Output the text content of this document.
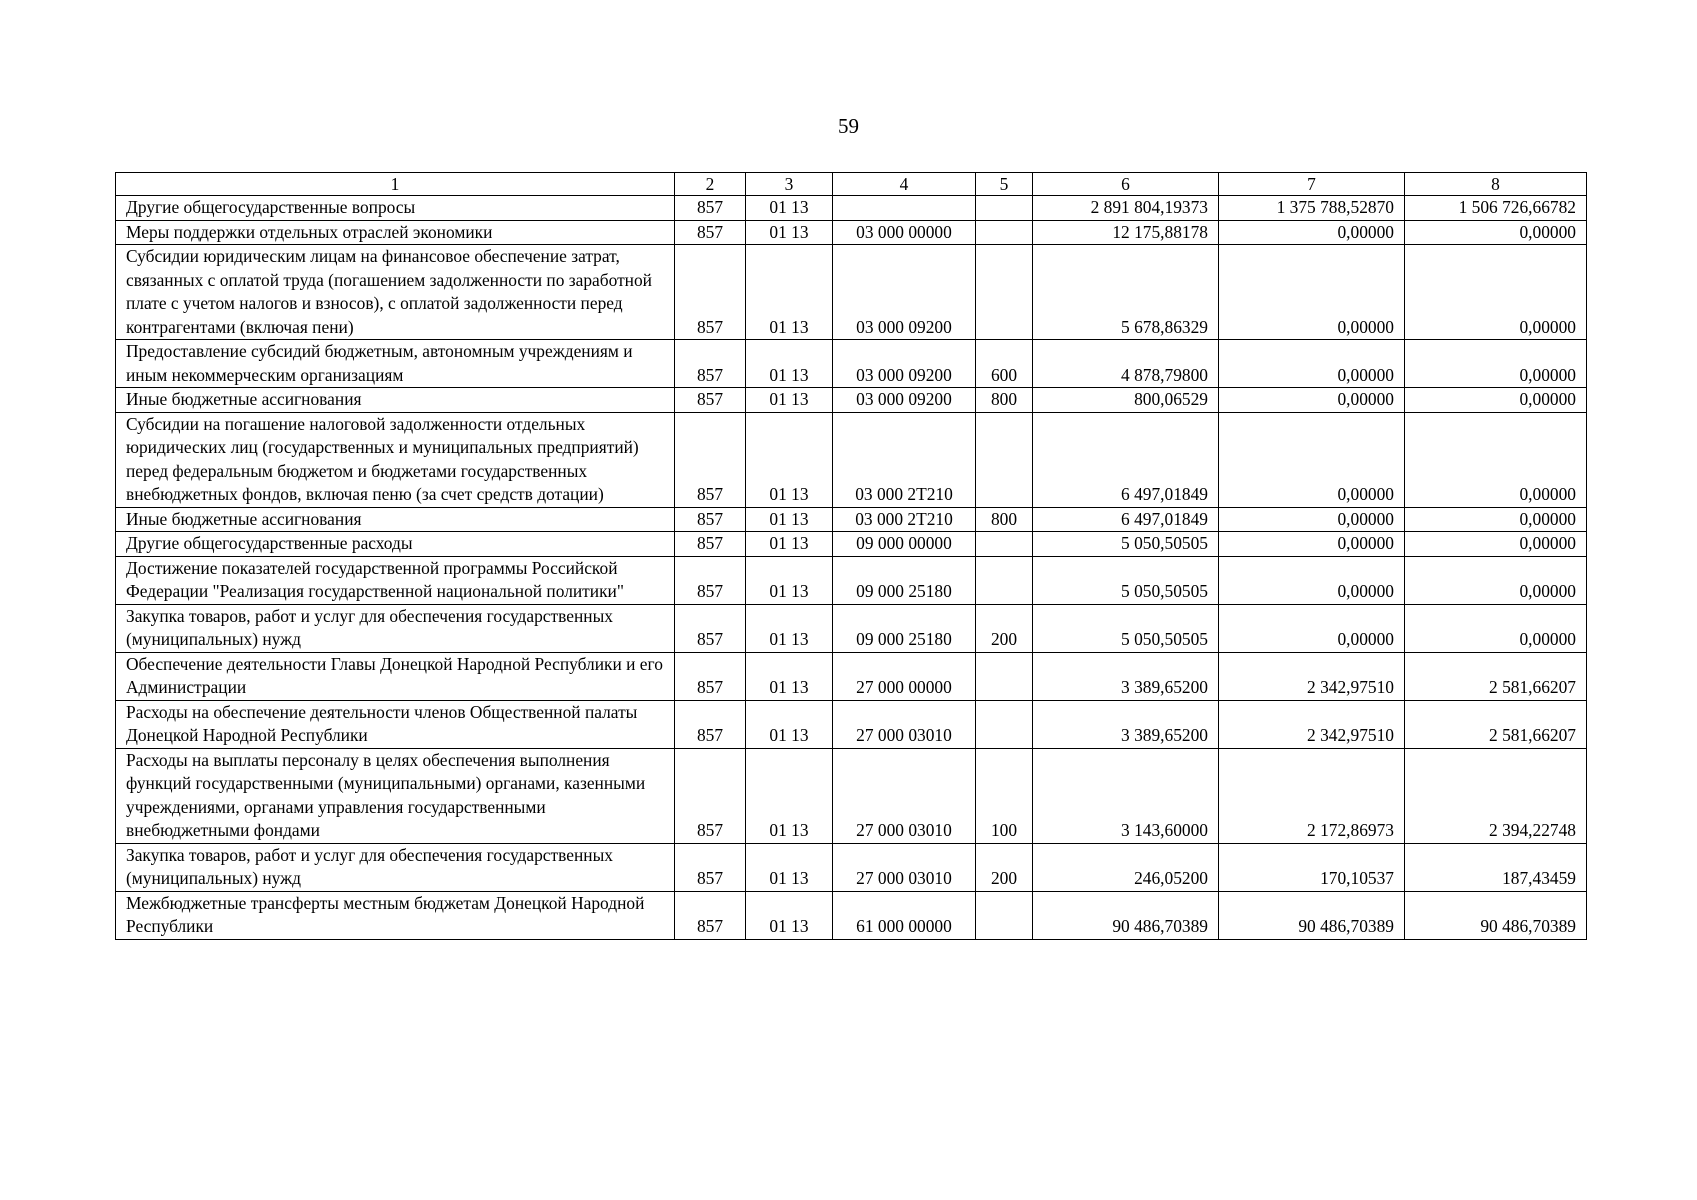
59
1	2	3	4	5	6	7	8
Другие общегосударственные вопросы	857	01 13			2 891 804,19373	1 375 788,52870	1 506 726,66782
Меры поддержки отдельных отраслей экономики	857	01 13	03 000 00000		12 175,88178	0,00000	0,00000
Субсидии юридическим лицам на финансовое обеспечение затрат, связанных с оплатой труда (погашением задолженности по заработной плате с учетом налогов и взносов), с оплатой задолженности перед контрагентами (включая пени)	857	01 13	03 000 09200		5 678,86329	0,00000	0,00000
Предоставление субсидий бюджетным, автономным учреждениям и иным некоммерческим организациям	857	01 13	03 000 09200	600	4 878,79800	0,00000	0,00000
Иные бюджетные ассигнования	857	01 13	03 000 09200	800	800,06529	0,00000	0,00000
Субсидии на погашение налоговой задолженности отдельных юридических лиц (государственных и муниципальных предприятий) перед федеральным бюджетом и бюджетами государственных внебюджетных фондов, включая пеню (за счет средств дотации)	857	01 13	03 000 2Т210		6 497,01849	0,00000	0,00000
Иные бюджетные ассигнования	857	01 13	03 000 2Т210	800	6 497,01849	0,00000	0,00000
Другие общегосударственные расходы	857	01 13	09 000 00000		5 050,50505	0,00000	0,00000
Достижение показателей государственной программы Российской Федерации "Реализация государственной национальной политики"	857	01 13	09 000 25180		5 050,50505	0,00000	0,00000
Закупка товаров, работ и услуг для обеспечения государственных (муниципальных) нужд	857	01 13	09 000 25180	200	5 050,50505	0,00000	0,00000
Обеспечение деятельности Главы Донецкой Народной Республики и его Администрации	857	01 13	27 000 00000		3 389,65200	2 342,97510	2 581,66207
Расходы на обеспечение деятельности членов Общественной палаты Донецкой Народной Республики	857	01 13	27 000 03010		3 389,65200	2 342,97510	2 581,66207
Расходы на выплаты персоналу в целях обеспечения выполнения функций государственными (муниципальными) органами, казенными учреждениями, органами управления государственными внебюджетными фондами	857	01 13	27 000 03010	100	3 143,60000	2 172,86973	2 394,22748
Закупка товаров, работ и услуг для обеспечения государственных (муниципальных) нужд	857	01 13	27 000 03010	200	246,05200	170,10537	187,43459
Межбюджетные трансферты местным бюджетам Донецкой Народной Республики	857	01 13	61 000 00000		90 486,70389	90 486,70389	90 486,70389
